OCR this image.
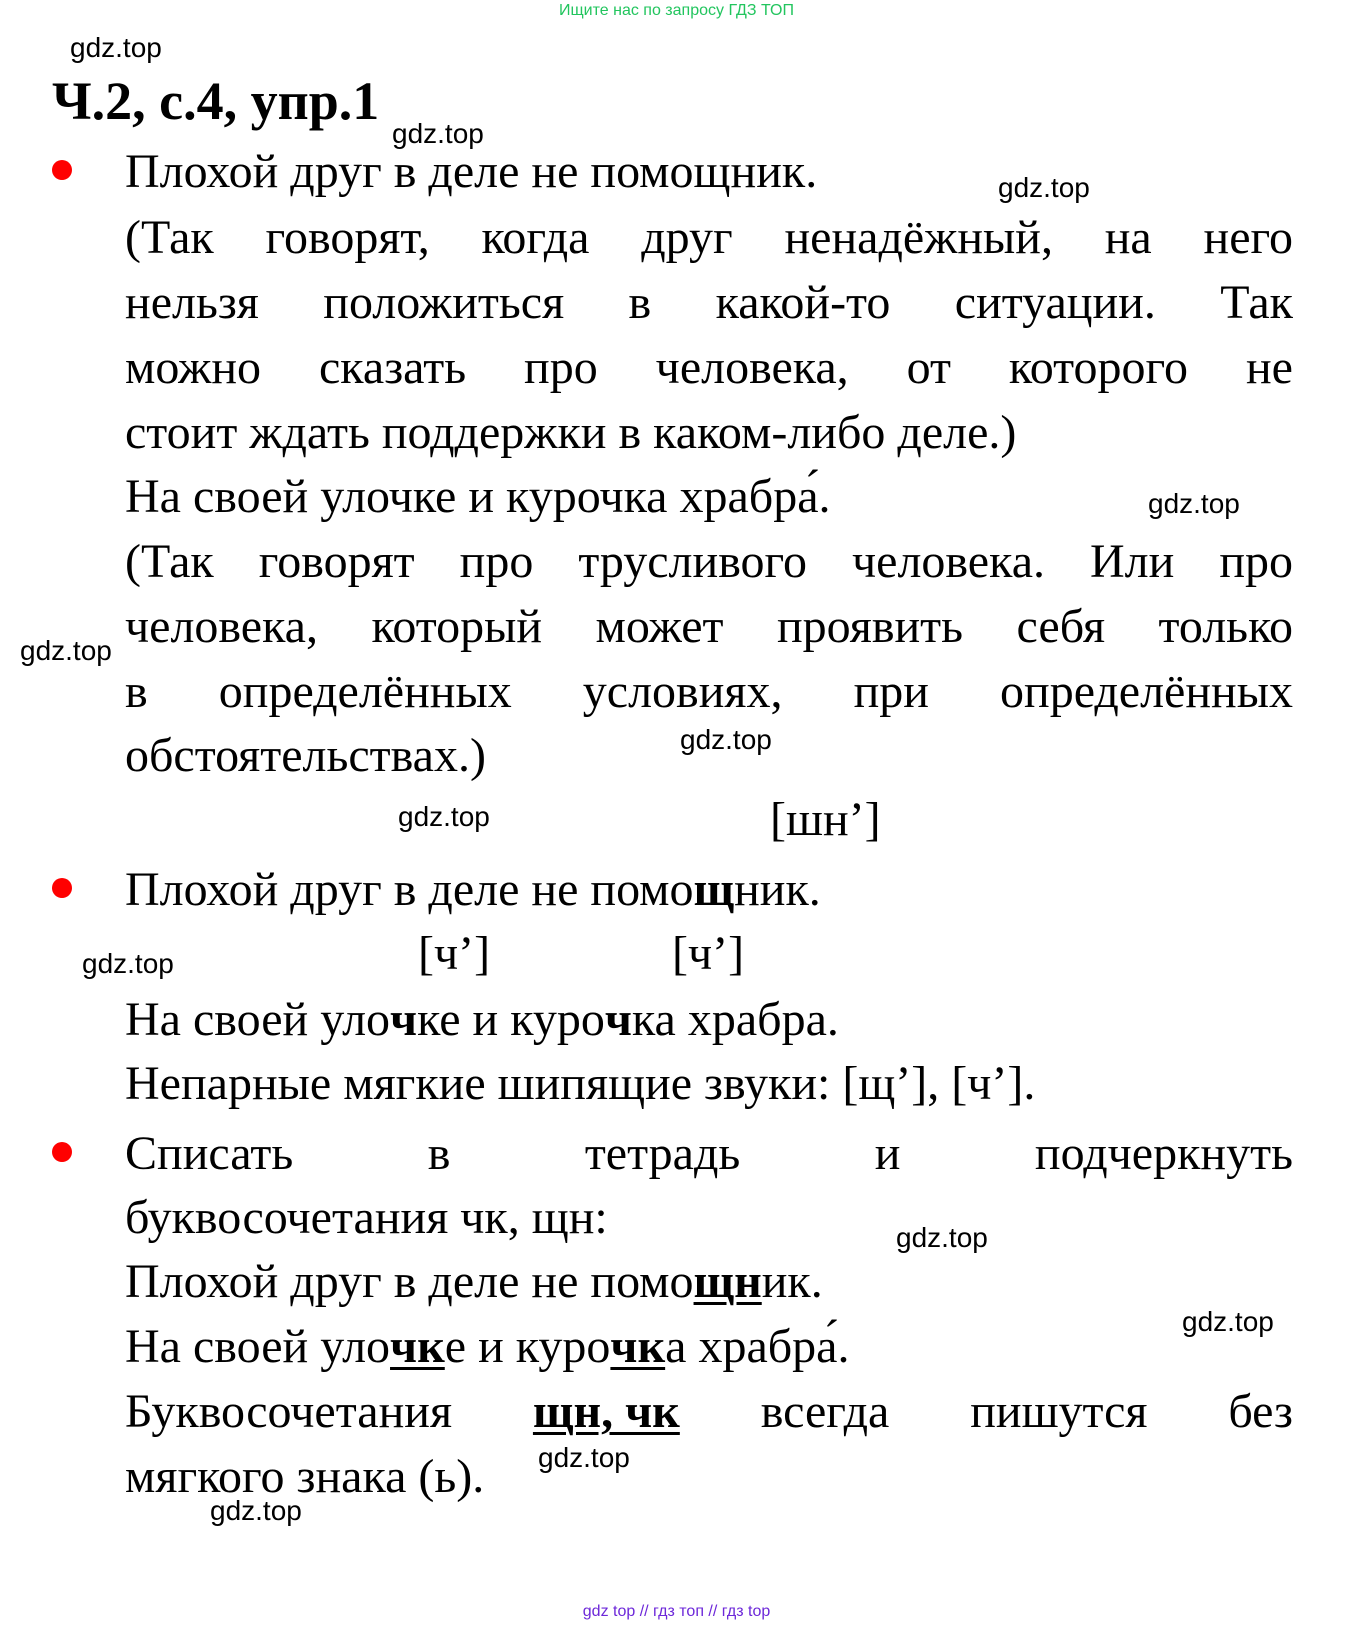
Ищите нас по запросу ГДЗ ТОП
gdz.top
gdz.top
gdz.top
gdz.top
gdz.top
gdz.top
gdz.top
gdz.top
gdz.top
gdz.top
gdz.top
gdz.top
Ч.2, с.4, упр.1
Плохой друг в деле не помощник.
(Так говорят, когда друг ненадёжный, на него
нельзя положиться в какой-то ситуации. Так
можно сказать про человека, от которого не
стоит ждать поддержки в каком-либо деле.)
На своей улочке и курочка храбра́.
(Так говорят про трусливого человека. Или про
человека, который может проявить себя только
в определённых условиях, при определённых
обстоятельствах.)
[шн’]
Плохой друг в деле не помощник.
[ч’]	[ч’]
На своей улочке и курочка храбра.
Непарные мягкие шипящие звуки: [щ’], [ч’].
Списать	в	тетрадь	и	подчеркнуть
буквосочетания чк, щн:
Плохой друг в деле не помощник.
На своей улочке и курочка храбра́.
Буквосочетания щн, чк всегда пишутся без
мягкого знака (ь).
gdz top // гдз топ // гдз top
